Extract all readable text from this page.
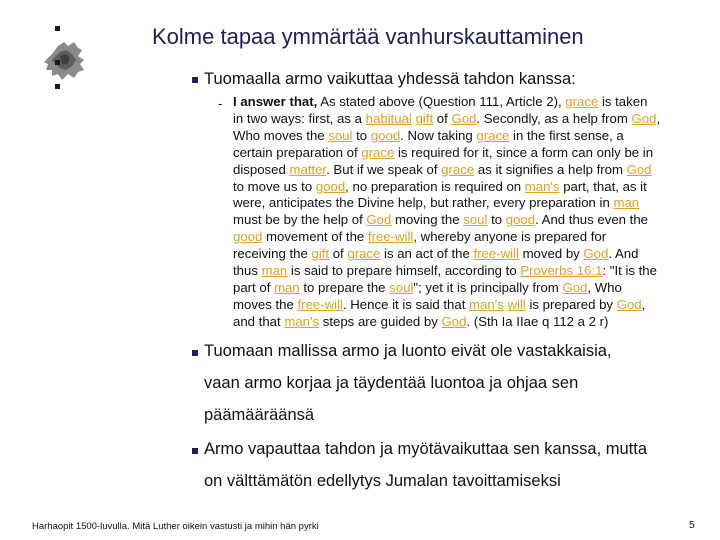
Kolme tapaa ymmärtää vanhurskauttaminen
Tuomaalla armo vaikuttaa yhdessä tahdon kanssa:
- I answer that, As stated above (Question 111, Article 2), grace is taken
in two ways: first, as a habitual gift of God. Secondly, as a help from God,
Who moves the soul to good. Now taking grace in the first sense, a
certain preparation of grace is required for it, since a form can only be in
disposed matter. But if we speak of grace as it signifies a help from God
to move us to good, no preparation is required on man's part, that, as it
were, anticipates the Divine help, but rather, every preparation in man
must be by the help of God moving the soul to good. And thus even the
good movement of the free-will, whereby anyone is prepared for
receiving the gift of grace is an act of the free-will moved by God. And
thus man is said to prepare himself, according to Proverbs 16:1: "It is the
part of man to prepare the soul"; yet it is principally from God, Who
moves the free-will. Hence it is said that man's will is prepared by God,
and that man's steps are guided by God. (Sth Ia IIae q 112 a 2 r)
Tuomaan mallissa armo ja luonto eivät ole vastakkaisia,
vaan armo korjaa ja täydentää luontoa ja ohjaa sen
päämääräänsä
Armo vapauttaa tahdon ja myötävaikuttaa sen kanssa, mutta
on välttämätön edellytys Jumalan tavoittamiseksi
Harhaopit 1500-luvulla. Mitä Luther oikein vastusti ja mihin hän pyrki	5
